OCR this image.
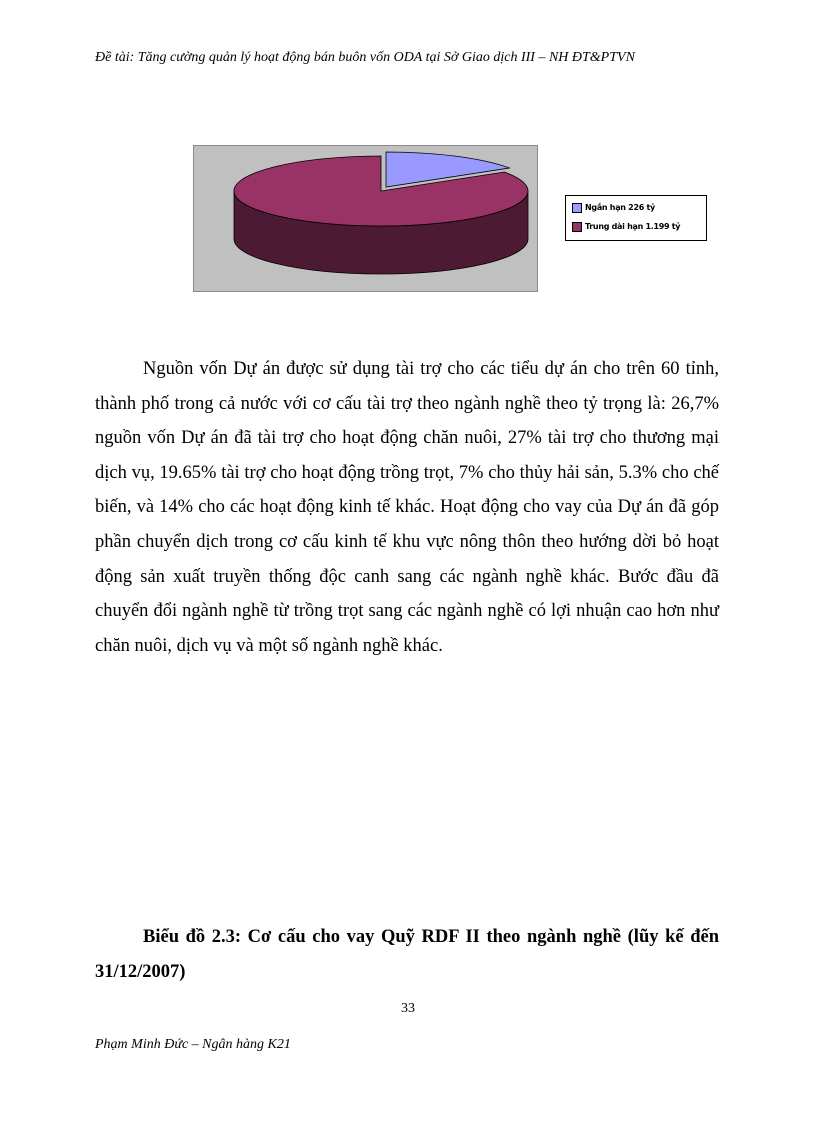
Đề tài: Tăng cường quản lý hoạt động bán buôn vốn ODA tại Sở Giao dịch III – NH ĐT&PTVN
Ngắn hạn 226 tỷ
Trung dài hạn 1.199 tỷ

Nguồn vốn Dự án được sử dụng tài trợ cho các tiểu dự án cho trên 60 tỉnh, thành phố trong cả nước với cơ cấu tài trợ theo ngành nghề theo tỷ trọng là: 26,7% nguồn vốn Dự án đã tài trợ cho hoạt động chăn nuôi, 27% tài trợ cho thương mại dịch vụ, 19.65% tài trợ cho hoạt động trồng trọt, 7% cho thủy hải sản, 5.3% cho chế biến, và 14% cho các hoạt động kinh tế khác. Hoạt động cho vay của Dự án đã góp phần chuyển dịch trong cơ cấu kinh tế khu vực nông thôn theo hướng dời bỏ hoạt động sản xuất truyền thống độc canh sang các ngành nghề khác. Bước đầu đã chuyển đổi ngành nghề từ trồng trọt sang các ngành nghề có lợi nhuận cao hơn như chăn nuôi, dịch vụ và một số ngành nghề khác.

Biểu đồ 2.3: Cơ cấu cho vay Quỹ RDF II theo ngành nghề (lũy kế đến 31/12/2007)

33
Phạm Minh Đức – Ngân hàng K21
